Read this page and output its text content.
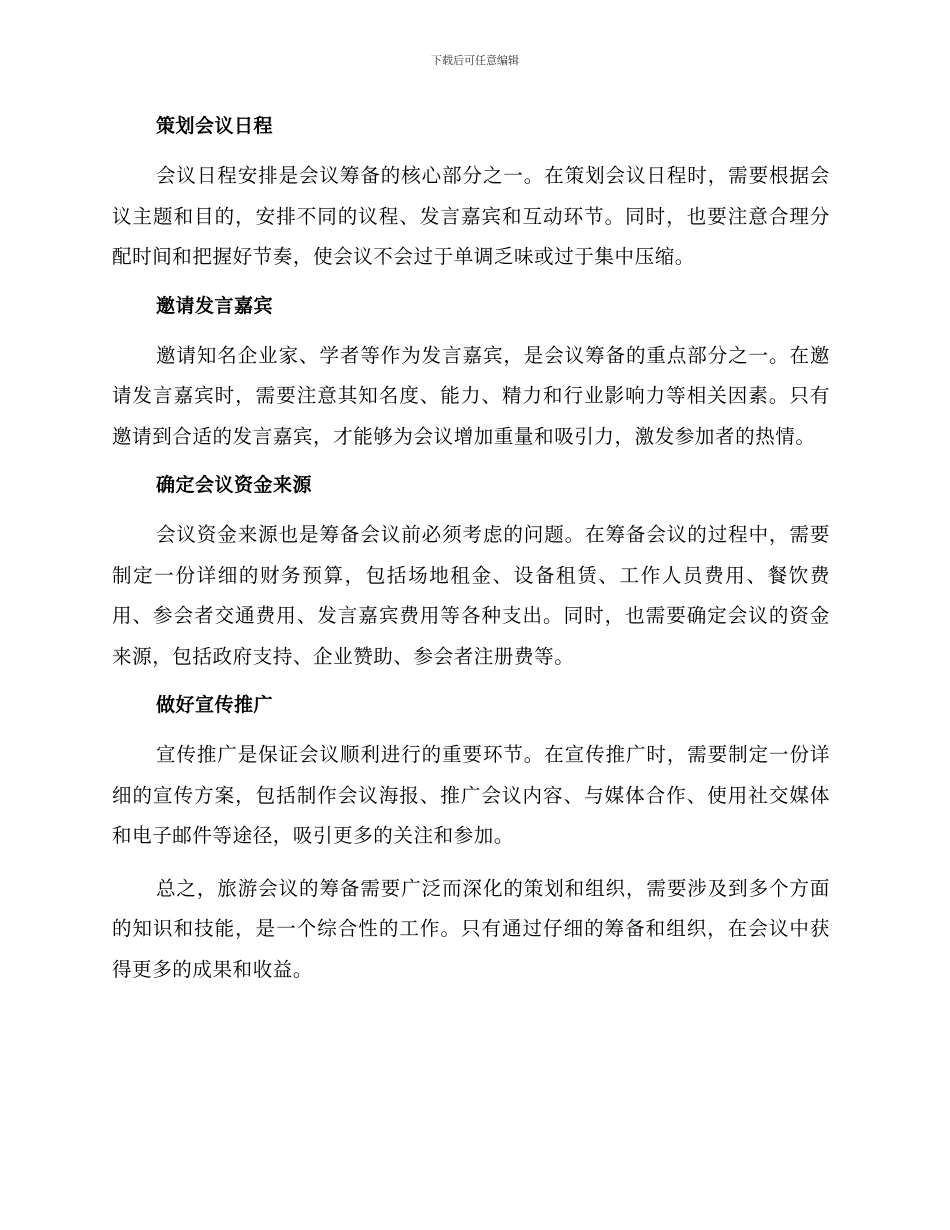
下载后可任意编辑
策划会议日程

会议日程安排是会议筹备的核心部分之一。在策划会议日程时，需要根据会议主题和目的，安排不同的议程、发言嘉宾和互动环节。同时，也要注意合理分配时间和把握好节奏，使会议不会过于单调乏味或过于集中压缩。

邀请发言嘉宾

邀请知名企业家、学者等作为发言嘉宾，是会议筹备的重点部分之一。在邀请发言嘉宾时，需要注意其知名度、能力、精力和行业影响力等相关因素。只有邀请到合适的发言嘉宾，才能够为会议增加重量和吸引力，激发参加者的热情。

确定会议资金来源

会议资金来源也是筹备会议前必须考虑的问题。在筹备会议的过程中，需要制定一份详细的财务预算，包括场地租金、设备租赁、工作人员费用、餐饮费用、参会者交通费用、发言嘉宾费用等各种支出。同时，也需要确定会议的资金来源，包括政府支持、企业赞助、参会者注册费等。

做好宣传推广

宣传推广是保证会议顺利进行的重要环节。在宣传推广时，需要制定一份详细的宣传方案，包括制作会议海报、推广会议内容、与媒体合作、使用社交媒体和电子邮件等途径，吸引更多的关注和参加。

总之，旅游会议的筹备需要广泛而深化的策划和组织，需要涉及到多个方面的知识和技能，是一个综合性的工作。只有通过仔细的筹备和组织，在会议中获得更多的成果和收益。
